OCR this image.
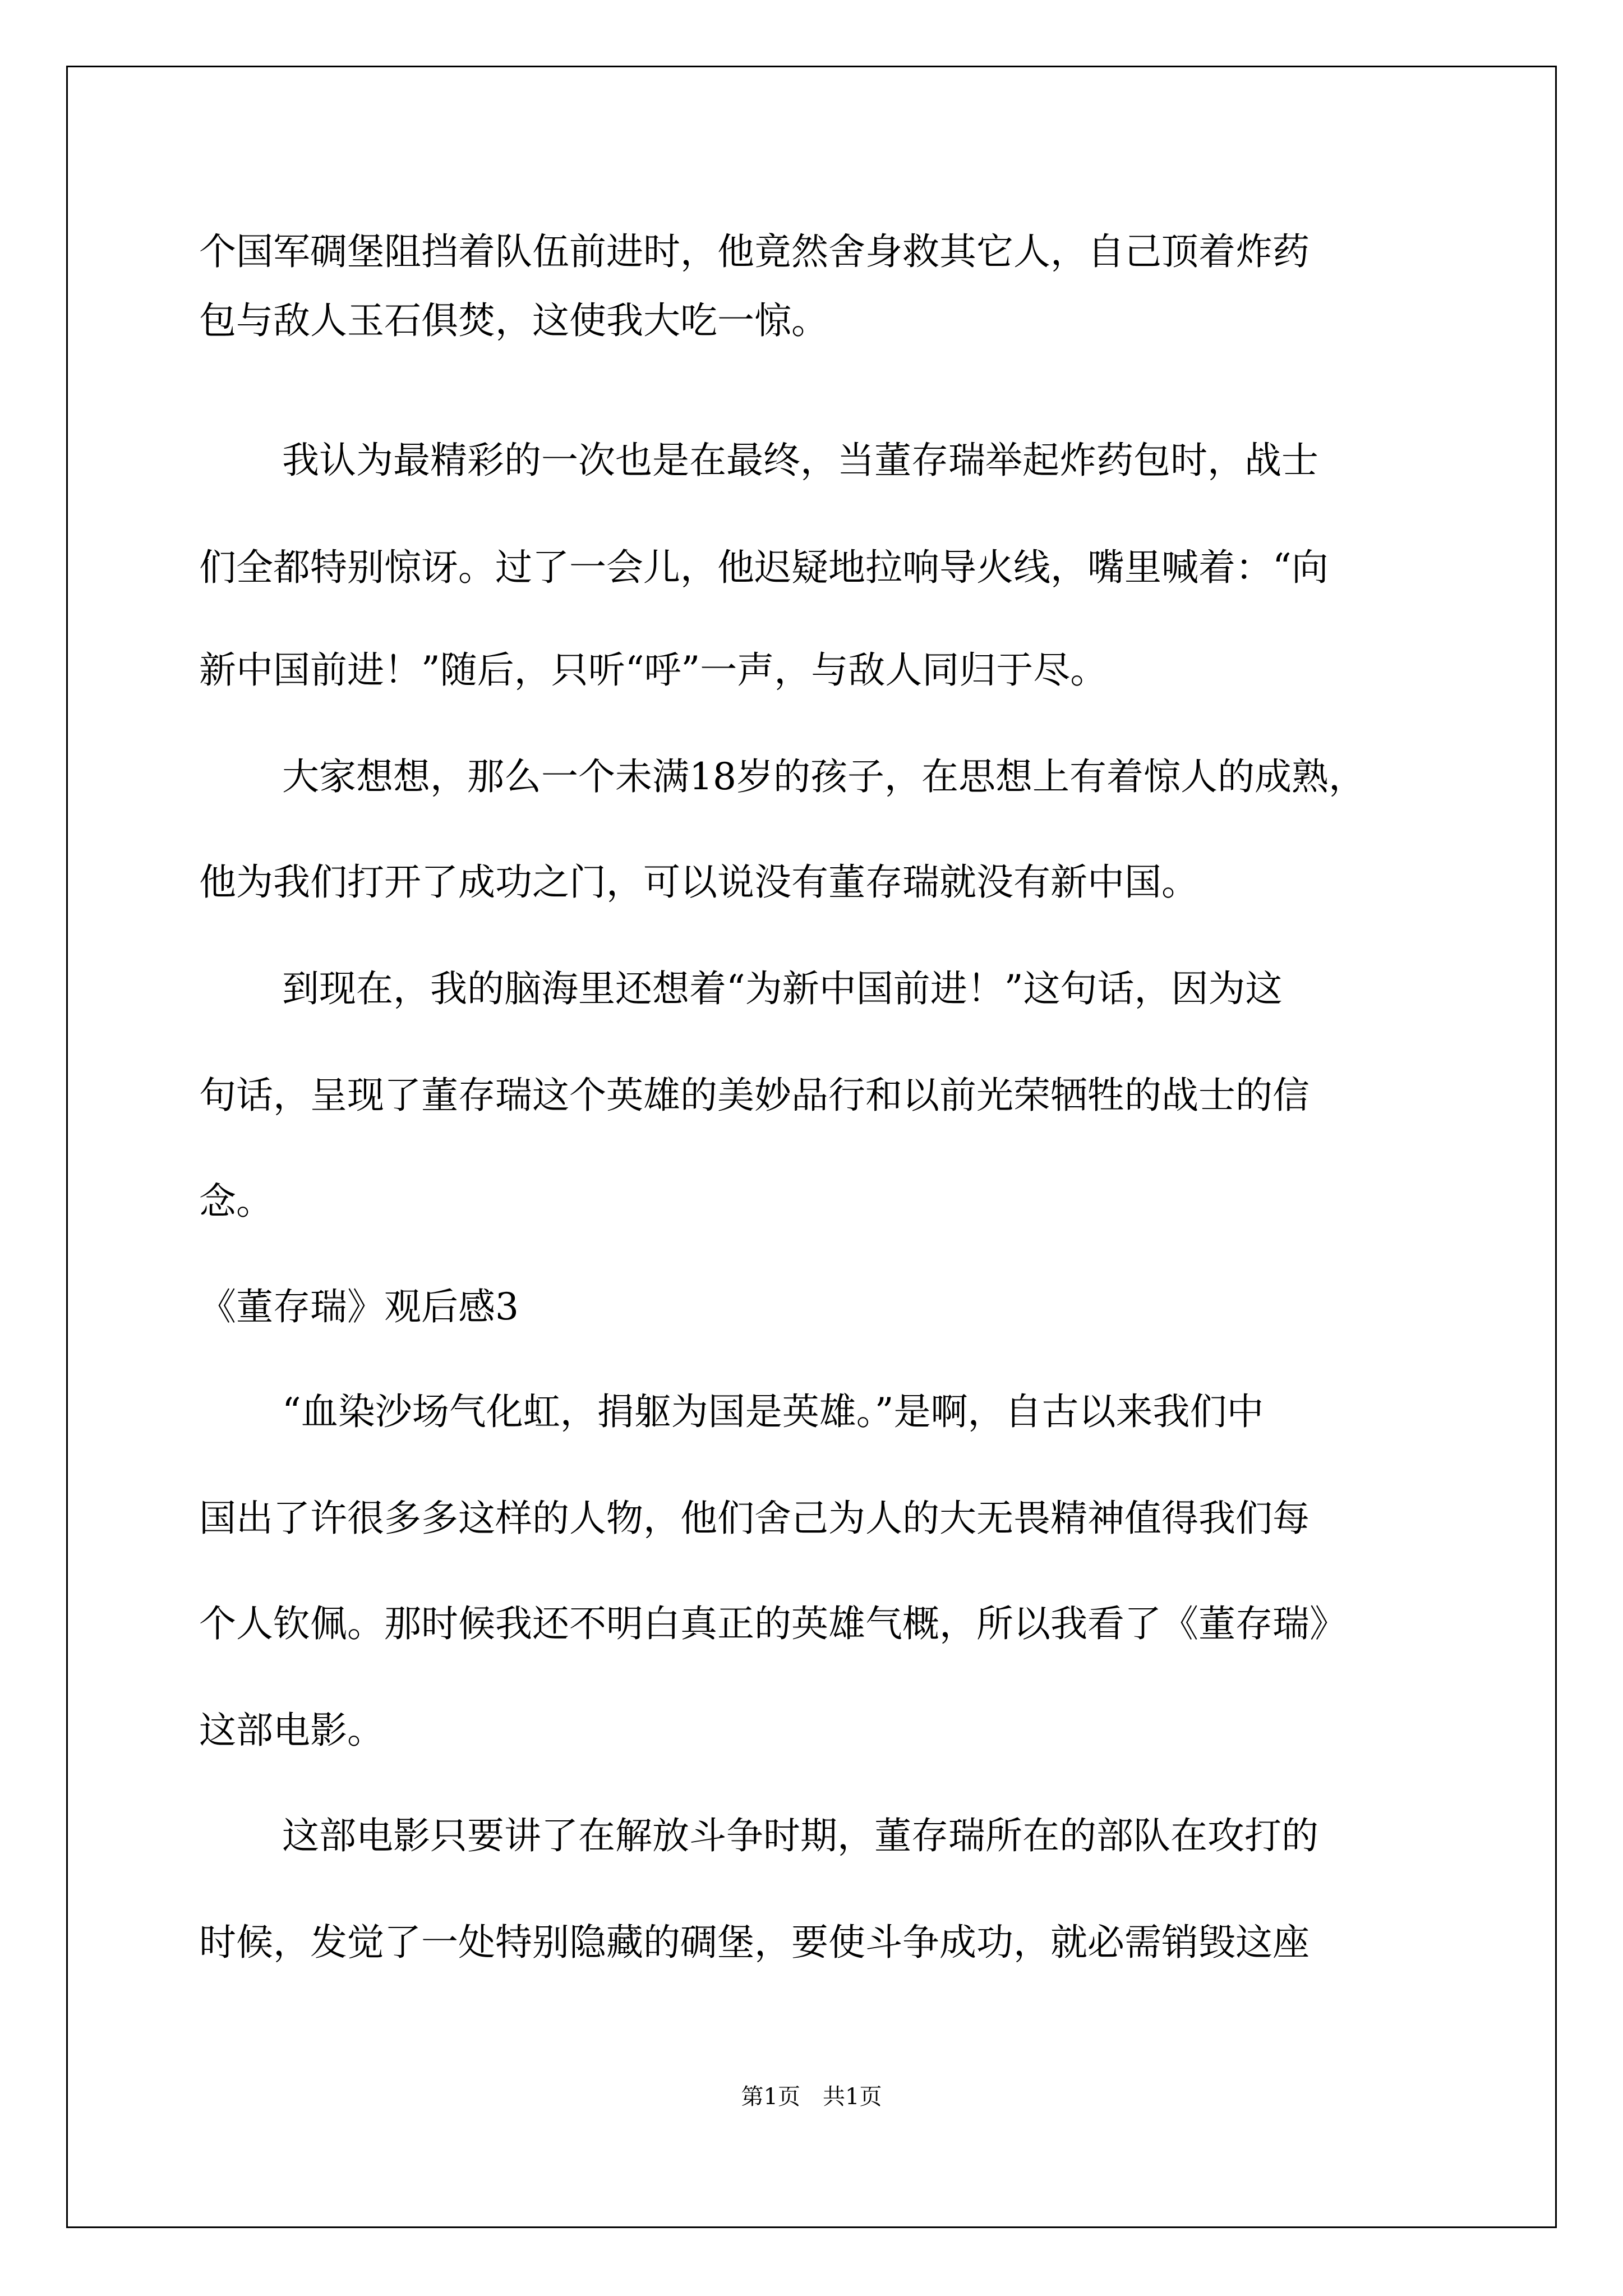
个国军碉堡阻挡着队伍前进时，他竟然舍身救其它人，自己顶着炸药
包与敌人玉石俱焚，这使我大吃一惊。
我认为最精彩的一次也是在最终，当董存瑞举起炸药包时，战士
们全都特别惊讶。过了一会儿，他迟疑地拉响导火线，嘴里喊着：“向
新中国前进！”随后，只听“呼”一声，与敌人同归于尽。
大家想想，那么一个未满18岁的孩子，在思想上有着惊人的成熟，
他为我们打开了成功之门，可以说没有董存瑞就没有新中国。
到现在，我的脑海里还想着“为新中国前进！”这句话，因为这
句话，呈现了董存瑞这个英雄的美妙品行和以前光荣牺牲的战士的信
念。
《董存瑞》观后感3
“血染沙场气化虹，捐躯为国是英雄。”是啊，自古以来我们中
国出了许很多多这样的人物，他们舍己为人的大无畏精神值得我们每
个人钦佩。那时候我还不明白真正的英雄气概，所以我看了《董存瑞》
这部电影。
这部电影只要讲了在解放斗争时期，董存瑞所在的部队在攻打的
时候，发觉了一处特别隐藏的碉堡，要使斗争成功，就必需销毁这座
第1页　共1页
